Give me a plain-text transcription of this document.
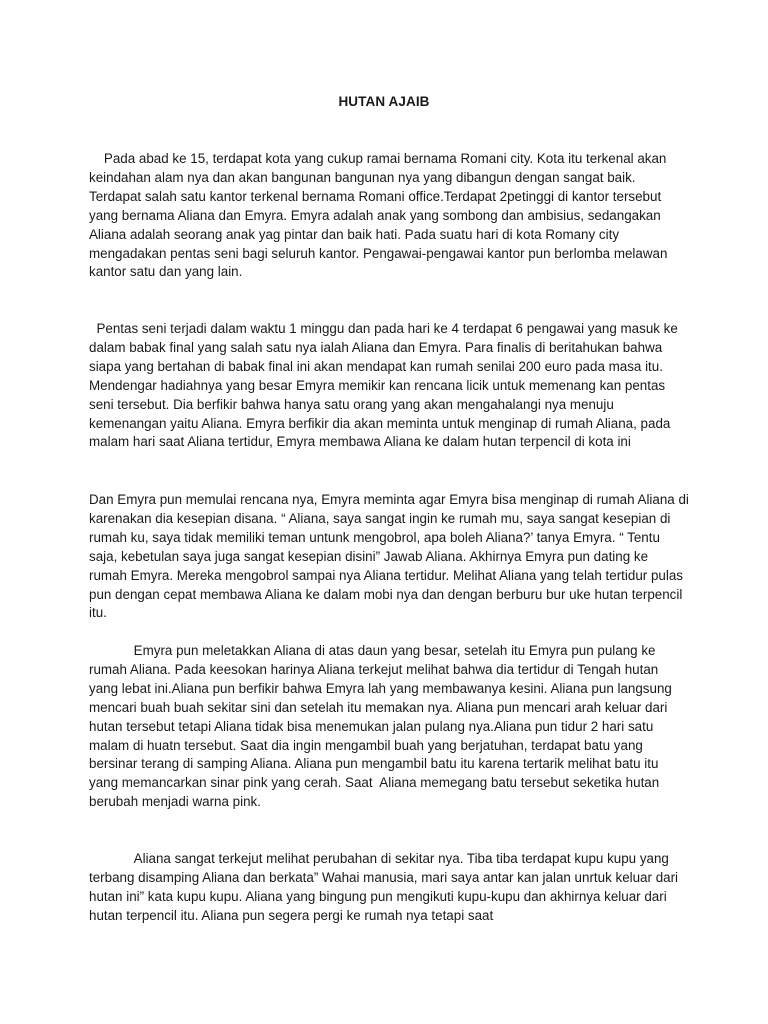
HUTAN AJAIB

Pada abad ke 15, terdapat kota yang cukup ramai bernama Romani city. Kota itu terkenal akan keindahan alam nya dan akan bangunan bangunan nya yang dibangun dengan sangat baik. Terdapat salah satu kantor terkenal bernama Romani office.Terdapat 2petinggi di kantor tersebut yang bernama Aliana dan Emyra. Emyra adalah anak yang sombong dan ambisius, sedangakan Aliana adalah seorang anak yag pintar dan baik hati. Pada suatu hari di kota Romany city mengadakan pentas seni bagi seluruh kantor. Pengawai-pengawai kantor pun berlomba melawan kantor satu dan yang lain.

Pentas seni terjadi dalam waktu 1 minggu dan pada hari ke 4 terdapat 6 pengawai yang masuk ke dalam babak final yang salah satu nya ialah Aliana dan Emyra. Para finalis di beritahukan bahwa siapa yang bertahan di babak final ini akan mendapat kan rumah senilai 200 euro pada masa itu. Mendengar hadiahnya yang besar Emyra memikir kan rencana licik untuk memenang kan pentas seni tersebut. Dia berfikir bahwa hanya satu orang yang akan mengahalangi nya menuju kemenangan yaitu Aliana. Emyra berfikir dia akan meminta untuk menginap di rumah Aliana, pada malam hari saat Aliana tertidur, Emyra membawa Aliana ke dalam hutan terpencil di kota ini

Dan Emyra pun memulai rencana nya, Emyra meminta agar Emyra bisa menginap di rumah Aliana di karenakan dia kesepian disana. “ Aliana, saya sangat ingin ke rumah mu, saya sangat kesepian di rumah ku, saya tidak memiliki teman untunk mengobrol, apa boleh Aliana?’ tanya Emyra. “ Tentu saja, kebetulan saya juga sangat kesepian disini” Jawab Aliana. Akhirnya Emyra pun dating ke rumah Emyra. Mereka mengobrol sampai nya Aliana tertidur. Melihat Aliana yang telah tertidur pulas pun dengan cepat membawa Aliana ke dalam mobi nya dan dengan berburu bur uke hutan terpencil itu.

Emyra pun meletakkan Aliana di atas daun yang besar, setelah itu Emyra pun pulang ke rumah Aliana. Pada keesokan harinya Aliana terkejut melihat bahwa dia tertidur di Tengah hutan yang lebat ini.Aliana pun berfikir bahwa Emyra lah yang membawanya kesini. Aliana pun langsung mencari buah buah sekitar sini dan setelah itu memakan nya. Aliana pun mencari arah keluar dari hutan tersebut tetapi Aliana tidak bisa menemukan jalan pulang nya.Aliana pun tidur 2 hari satu malam di huatn tersebut. Saat dia ingin mengambil buah yang berjatuhan, terdapat batu yang bersinar terang di samping Aliana. Aliana pun mengambil batu itu karena tertarik melihat batu itu yang memancarkan sinar pink yang cerah. Saat  Aliana memegang batu tersebut seketika hutan berubah menjadi warna pink.

Aliana sangat terkejut melihat perubahan di sekitar nya. Tiba tiba terdapat kupu kupu yang terbang disamping Aliana dan berkata” Wahai manusia, mari saya antar kan jalan unrtuk keluar dari hutan ini” kata kupu kupu. Aliana yang bingung pun mengikuti kupu-kupu dan akhirnya keluar dari hutan terpencil itu. Aliana pun segera pergi ke rumah nya tetapi saat
